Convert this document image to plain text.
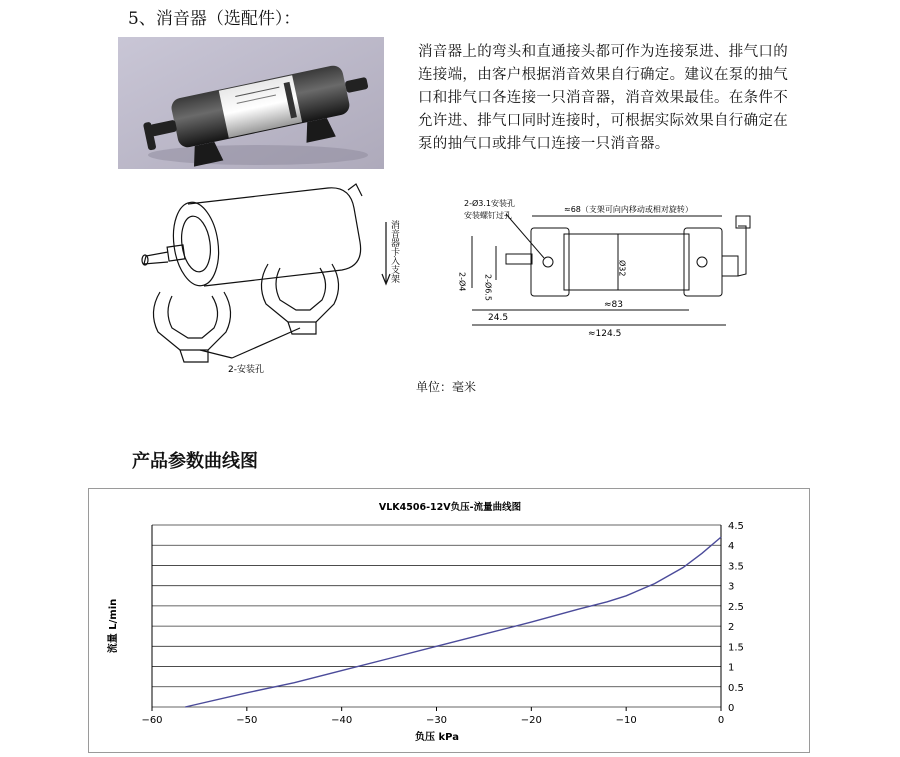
5、消音器（选配件）：
消音器上的弯头和直通接头都可作为连接泵进、排气口的连接端，由客户根据消音效果自行确定。建议在泵的抽气口和排气口各连接一只消音器，消音效果最佳。在条件不允许进、排气口同时连接时，可根据实际效果自行确定在泵的抽气口或排气口连接一只消音器。
消音器卡入支架
2-安装孔
2-Ø3.1安装孔
安装螺钉过孔
≈68（支架可向内移动或相对旋转）
2-Ø4 2-Ø6.5
Ø32
24.5
≈83
≈124.5
单位：毫米
产品参数曲线图
VLK4506-12V负压-流量曲线图
流量 L/min
负压 kPa
−60	−50	−40	−30	−20	−10	0
0
0.5
1
1.5
2
2.5
3
3.5
4
4.5
